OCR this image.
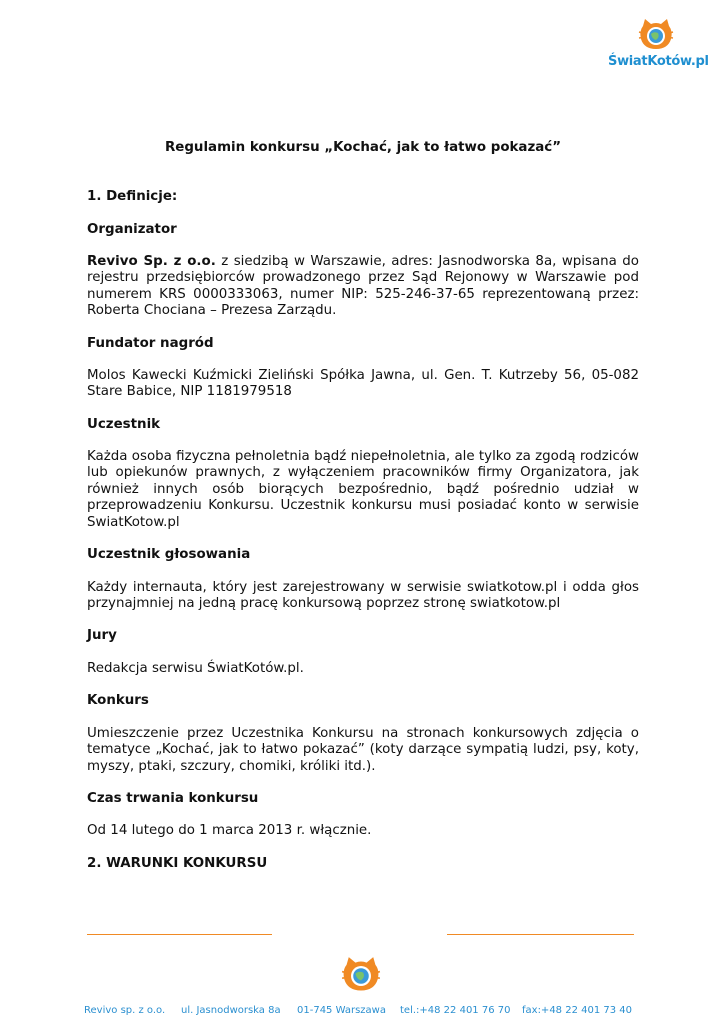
ŚwiatKotów.pl
Regulamin konkursu „Kochać, jak to łatwo pokazać”
1. Definicje:
Organizator
Revivo Sp. z o.o. z siedzibą w Warszawie, adres: Jasnodworska 8a, wpisana do rejestru przedsiębiorców prowadzonego przez Sąd Rejonowy w Warszawie pod numerem KRS 0000333063, numer NIP: 525-246-37-65 reprezentowaną przez: Roberta Chociana – Prezesa Zarządu.
Fundator nagród
Molos Kawecki Kuźmicki Zieliński Spółka Jawna, ul. Gen. T. Kutrzeby 56, 05-082 Stare Babice, NIP 1181979518
Uczestnik
Każda osoba fizyczna pełnoletnia bądź niepełnoletnia, ale tylko za zgodą rodziców lub opiekunów prawnych, z wyłączeniem pracowników firmy Organizatora, jak również innych osób biorących bezpośrednio, bądź pośrednio udział w przeprowadzeniu Konkursu. Uczestnik konkursu musi posiadać konto w serwisie SwiatKotow.pl
Uczestnik głosowania
Każdy internauta, który jest zarejestrowany w serwisie swiatkotow.pl i odda głos przynajmniej na jedną pracę konkursową poprzez stronę swiatkotow.pl
Jury
Redakcja serwisu ŚwiatKotów.pl.
Konkurs
Umieszczenie przez Uczestnika Konkursu na stronach konkursowych zdjęcia o tematyce „Kochać, jak to łatwo pokazać” (koty darzące sympatią ludzi, psy, koty, myszy, ptaki, szczury, chomiki, króliki itd.).
Czas trwania konkursu
Od 14 lutego do 1 marca 2013 r. włącznie.
2. WARUNKI KONKURSU
Revivo sp. z o.o. ul. Jasnodworska 8a 01-745 Warszawa tel.:+48 22 401 76 70 fax:+48 22 401 73 40
